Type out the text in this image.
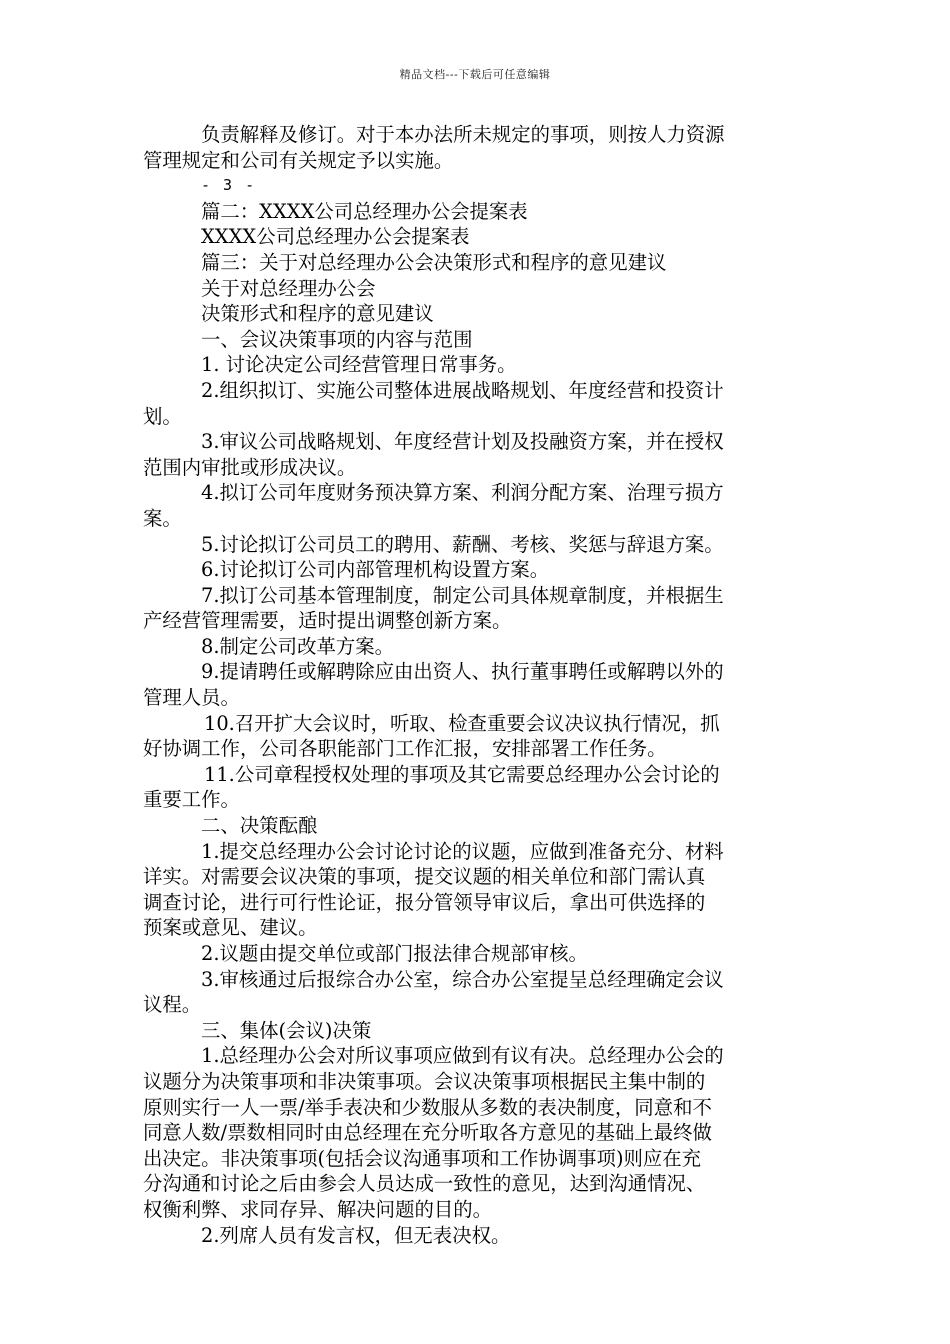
精品文档---下载后可任意编辑
负责解释及修订。对于本办法所未规定的事项，则按人力资源
管理规定和公司有关规定予以实施。
- 3 -
篇二：XXXX公司总经理办公会提案表
XXXX公司总经理办公会提案表
篇三：关于对总经理办公会决策形式和程序的意见建议
关于对总经理办公会
决策形式和程序的意见建议
一、会议决策事项的内容与范围
1. 讨论决定公司经营管理日常事务。
2.组织拟订、实施公司整体进展战略规划、年度经营和投资计
划。
3.审议公司战略规划、年度经营计划及投融资方案，并在授权
范围内审批或形成决议。
4.拟订公司年度财务预决算方案、利润分配方案、治理亏损方
案。
5.讨论拟订公司员工的聘用、薪酬、考核、奖惩与辞退方案。
6.讨论拟订公司内部管理机构设置方案。
7.拟订公司基本管理制度，制定公司具体规章制度，并根据生
产经营管理需要，适时提出调整创新方案。
8.制定公司改革方案。
9.提请聘任或解聘除应由出资人、执行董事聘任或解聘以外的
管理人员。
10.召开扩大会议时，听取、检查重要会议决议执行情况，抓
好协调工作，公司各职能部门工作汇报，安排部署工作任务。
11.公司章程授权处理的事项及其它需要总经理办公会讨论的
重要工作。
二、决策酝酿
1.提交总经理办公会讨论讨论的议题，应做到准备充分、材料
详实。对需要会议决策的事项，提交议题的相关单位和部门需认真
调查讨论，进行可行性论证，报分管领导审议后，拿出可供选择的
预案或意见、建议。
2.议题由提交单位或部门报法律合规部审核。
3.审核通过后报综合办公室，综合办公室提呈总经理确定会议
议程。
三、集体(会议)决策
1.总经理办公会对所议事项应做到有议有决。总经理办公会的
议题分为决策事项和非决策事项。会议决策事项根据民主集中制的
原则实行一人一票/举手表决和少数服从多数的表决制度，同意和不
同意人数/票数相同时由总经理在充分听取各方意见的基础上最终做
出决定。非决策事项(包括会议沟通事项和工作协调事项)则应在充
分沟通和讨论之后由参会人员达成一致性的意见，达到沟通情况、
权衡利弊、求同存异、解决问题的目的。
2.列席人员有发言权，但无表决权。
